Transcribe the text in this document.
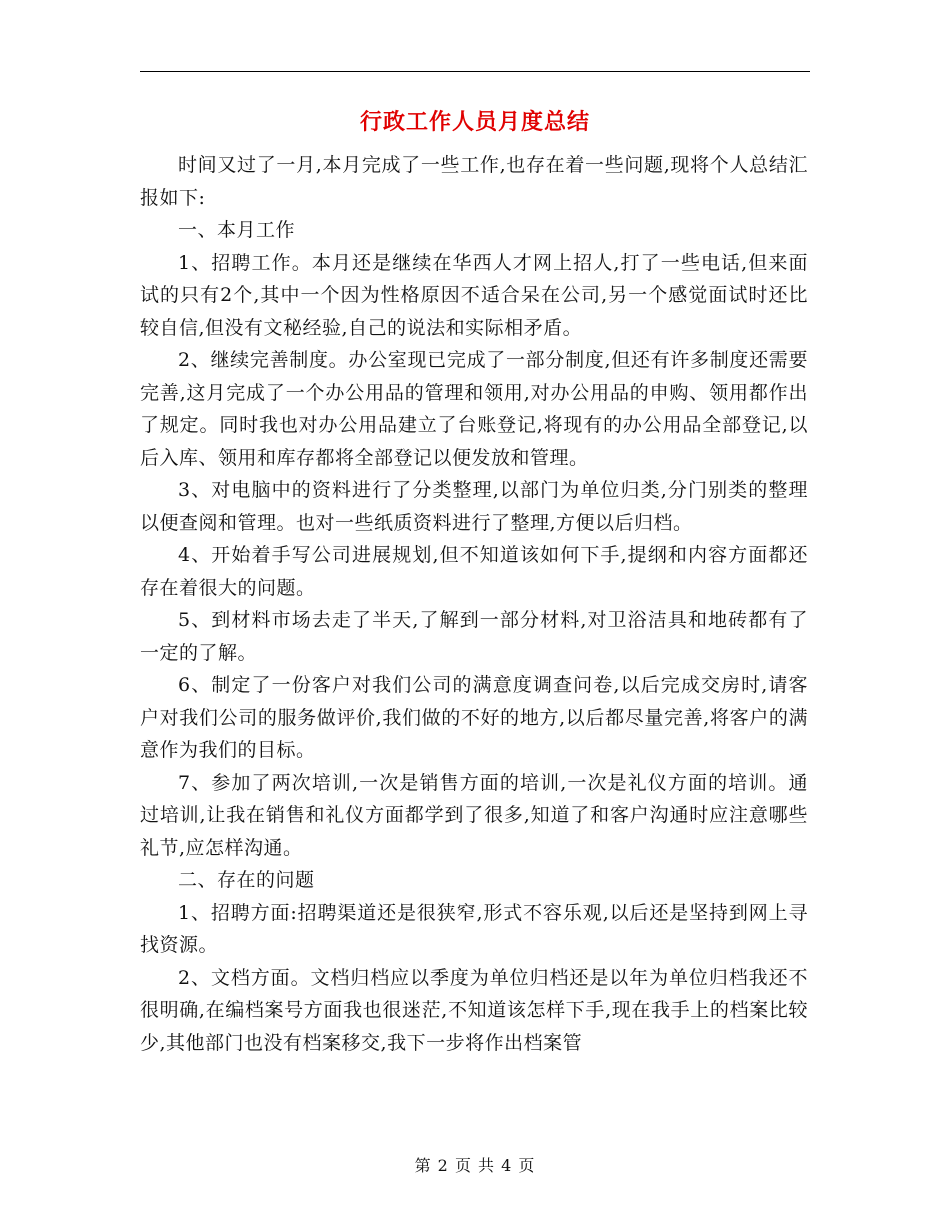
行政工作人员月度总结

时间又过了一月,本月完成了一些工作,也存在着一些问题,现将个人总结汇报如下:

一、本月工作

1、招聘工作。本月还是继续在华西人才网上招人,打了一些电话,但来面试的只有2个,其中一个因为性格原因不适合呆在公司,另一个感觉面试时还比较自信,但没有文秘经验,自己的说法和实际相矛盾。

2、继续完善制度。办公室现已完成了一部分制度,但还有许多制度还需要完善,这月完成了一个办公用品的管理和领用,对办公用品的申购、领用都作出了规定。同时我也对办公用品建立了台账登记,将现有的办公用品全部登记,以后入库、领用和库存都将全部登记以便发放和管理。

3、对电脑中的资料进行了分类整理,以部门为单位归类,分门别类的整理以便查阅和管理。也对一些纸质资料进行了整理,方便以后归档。

4、开始着手写公司进展规划,但不知道该如何下手,提纲和内容方面都还存在着很大的问题。

5、到材料市场去走了半天,了解到一部分材料,对卫浴洁具和地砖都有了一定的了解。

6、制定了一份客户对我们公司的满意度调查问卷,以后完成交房时,请客户对我们公司的服务做评价,我们做的不好的地方,以后都尽量完善,将客户的满意作为我们的目标。

7、参加了两次培训,一次是销售方面的培训,一次是礼仪方面的培训。通过培训,让我在销售和礼仪方面都学到了很多,知道了和客户沟通时应注意哪些礼节,应怎样沟通。

二、存在的问题

1、招聘方面:招聘渠道还是很狭窄,形式不容乐观,以后还是坚持到网上寻找资源。

2、文档方面。文档归档应以季度为单位归档还是以年为单位归档我还不很明确,在编档案号方面我也很迷茫,不知道该怎样下手,现在我手上的档案比较少,其他部门也没有档案移交,我下一步将作出档案管

第 2 页 共 4 页
